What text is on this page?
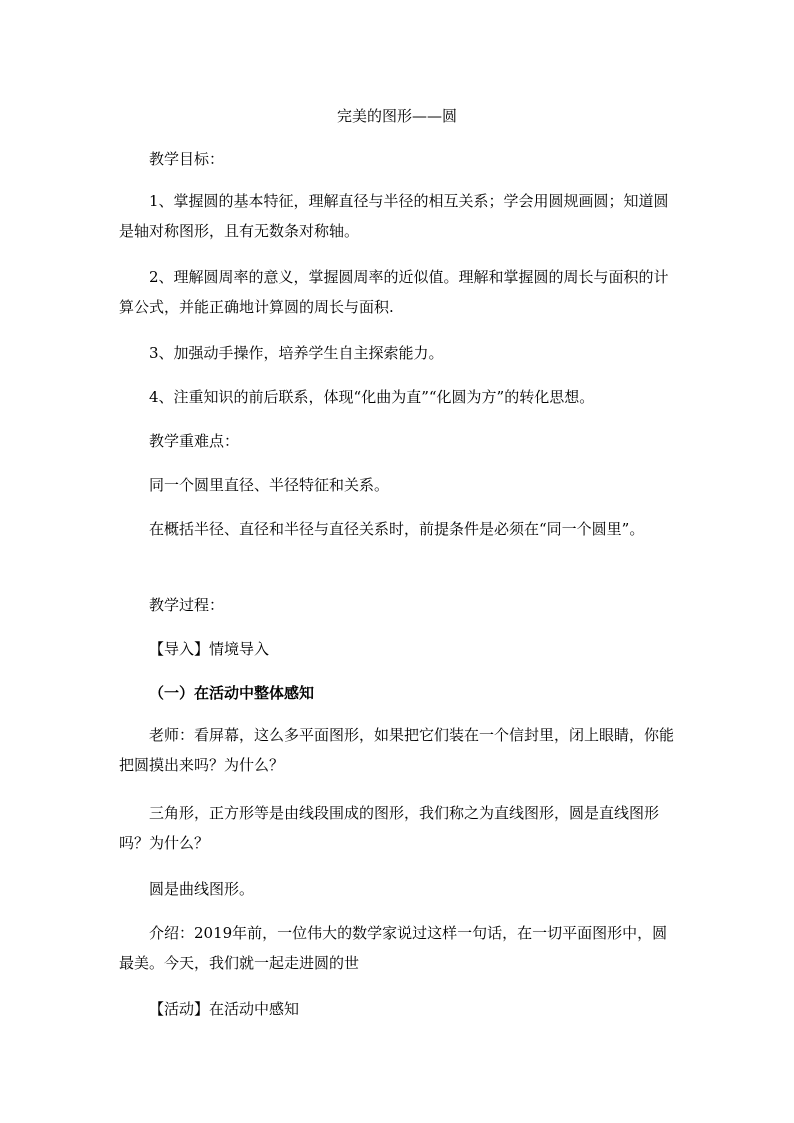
完美的图形——圆
教学目标：
1、掌握圆的基本特征，理解直径与半径的相互关系；学会用圆规画圆；知道圆是轴对称图形，且有无数条对称轴。
2、理解圆周率的意义，掌握圆周率的近似值。理解和掌握圆的周长与面积的计算公式，并能正确地计算圆的周长与面积.
3、加强动手操作，培养学生自主探索能力。
4、注重知识的前后联系，体现“化曲为直”“化圆为方”的转化思想。
教学重难点：
同一个圆里直径、半径特征和关系。
在概括半径、直径和半径与直径关系时，前提条件是必须在“同一个圆里”。
教学过程：
【导入】情境导入
（一）在活动中整体感知
老师：看屏幕，这么多平面图形，如果把它们装在一个信封里，闭上眼睛，你能把圆摸出来吗？为什么？
三角形，正方形等是由线段围成的图形，我们称之为直线图形，圆是直线图形吗？为什么？
圆是曲线图形。
介绍：2019年前，一位伟大的数学家说过这样一句话，在一切平面图形中，圆最美。今天，我们就一起走进圆的世
【活动】在活动中感知
